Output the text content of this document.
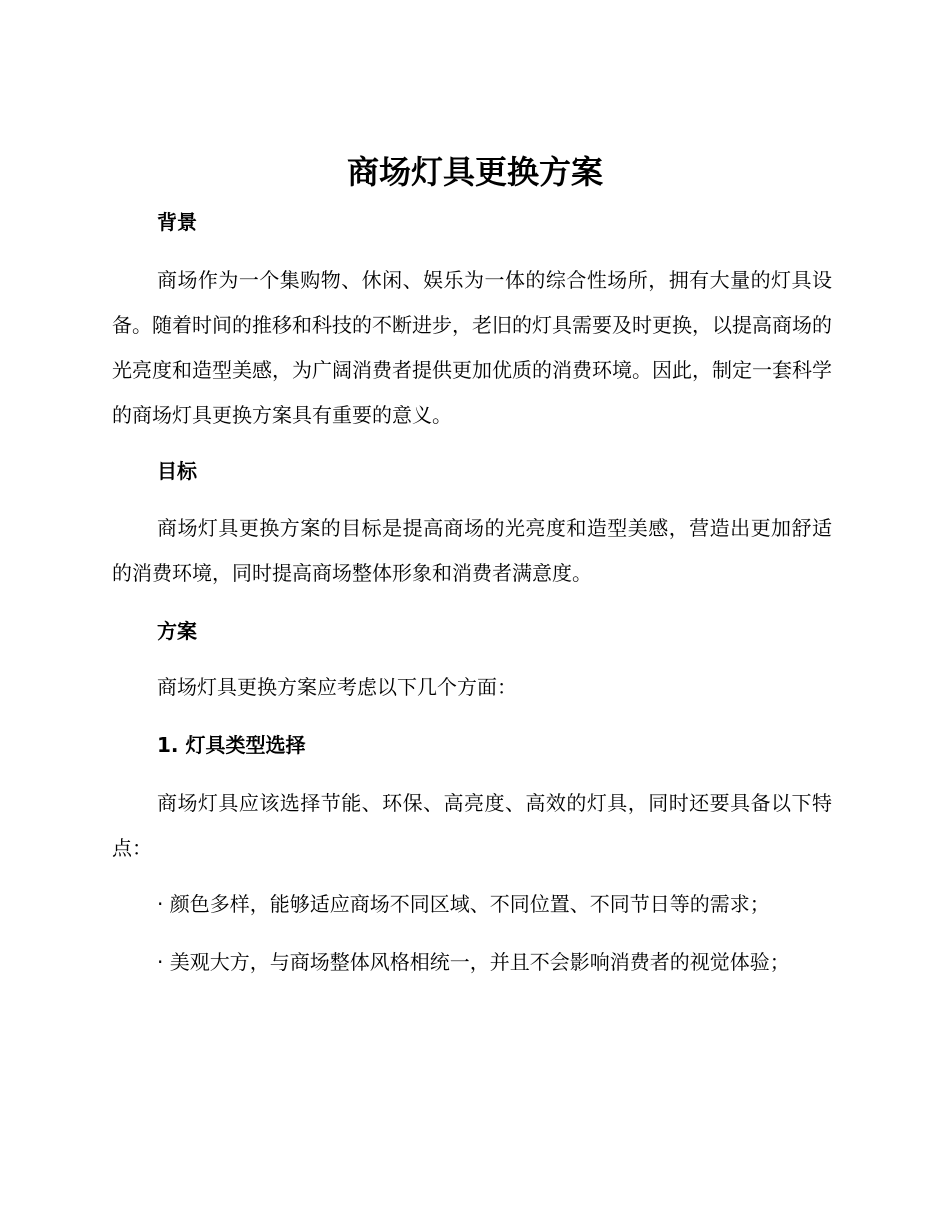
商场灯具更换方案
背景

商场作为一个集购物、休闲、娱乐为一体的综合性场所，拥有大量的灯具设备。随着时间的推移和科技的不断进步，老旧的灯具需要及时更换，以提高商场的光亮度和造型美感，为广阔消费者提供更加优质的消费环境。因此，制定一套科学的商场灯具更换方案具有重要的意义。

目标

商场灯具更换方案的目标是提高商场的光亮度和造型美感，营造出更加舒适的消费环境，同时提高商场整体形象和消费者满意度。

方案

商场灯具更换方案应考虑以下几个方面：

1. 灯具类型选择

商场灯具应该选择节能、环保、高亮度、高效的灯具，同时还要具备以下特点：

· 颜色多样，能够适应商场不同区域、不同位置、不同节日等的需求；

· 美观大方，与商场整体风格相统一，并且不会影响消费者的视觉体验；
